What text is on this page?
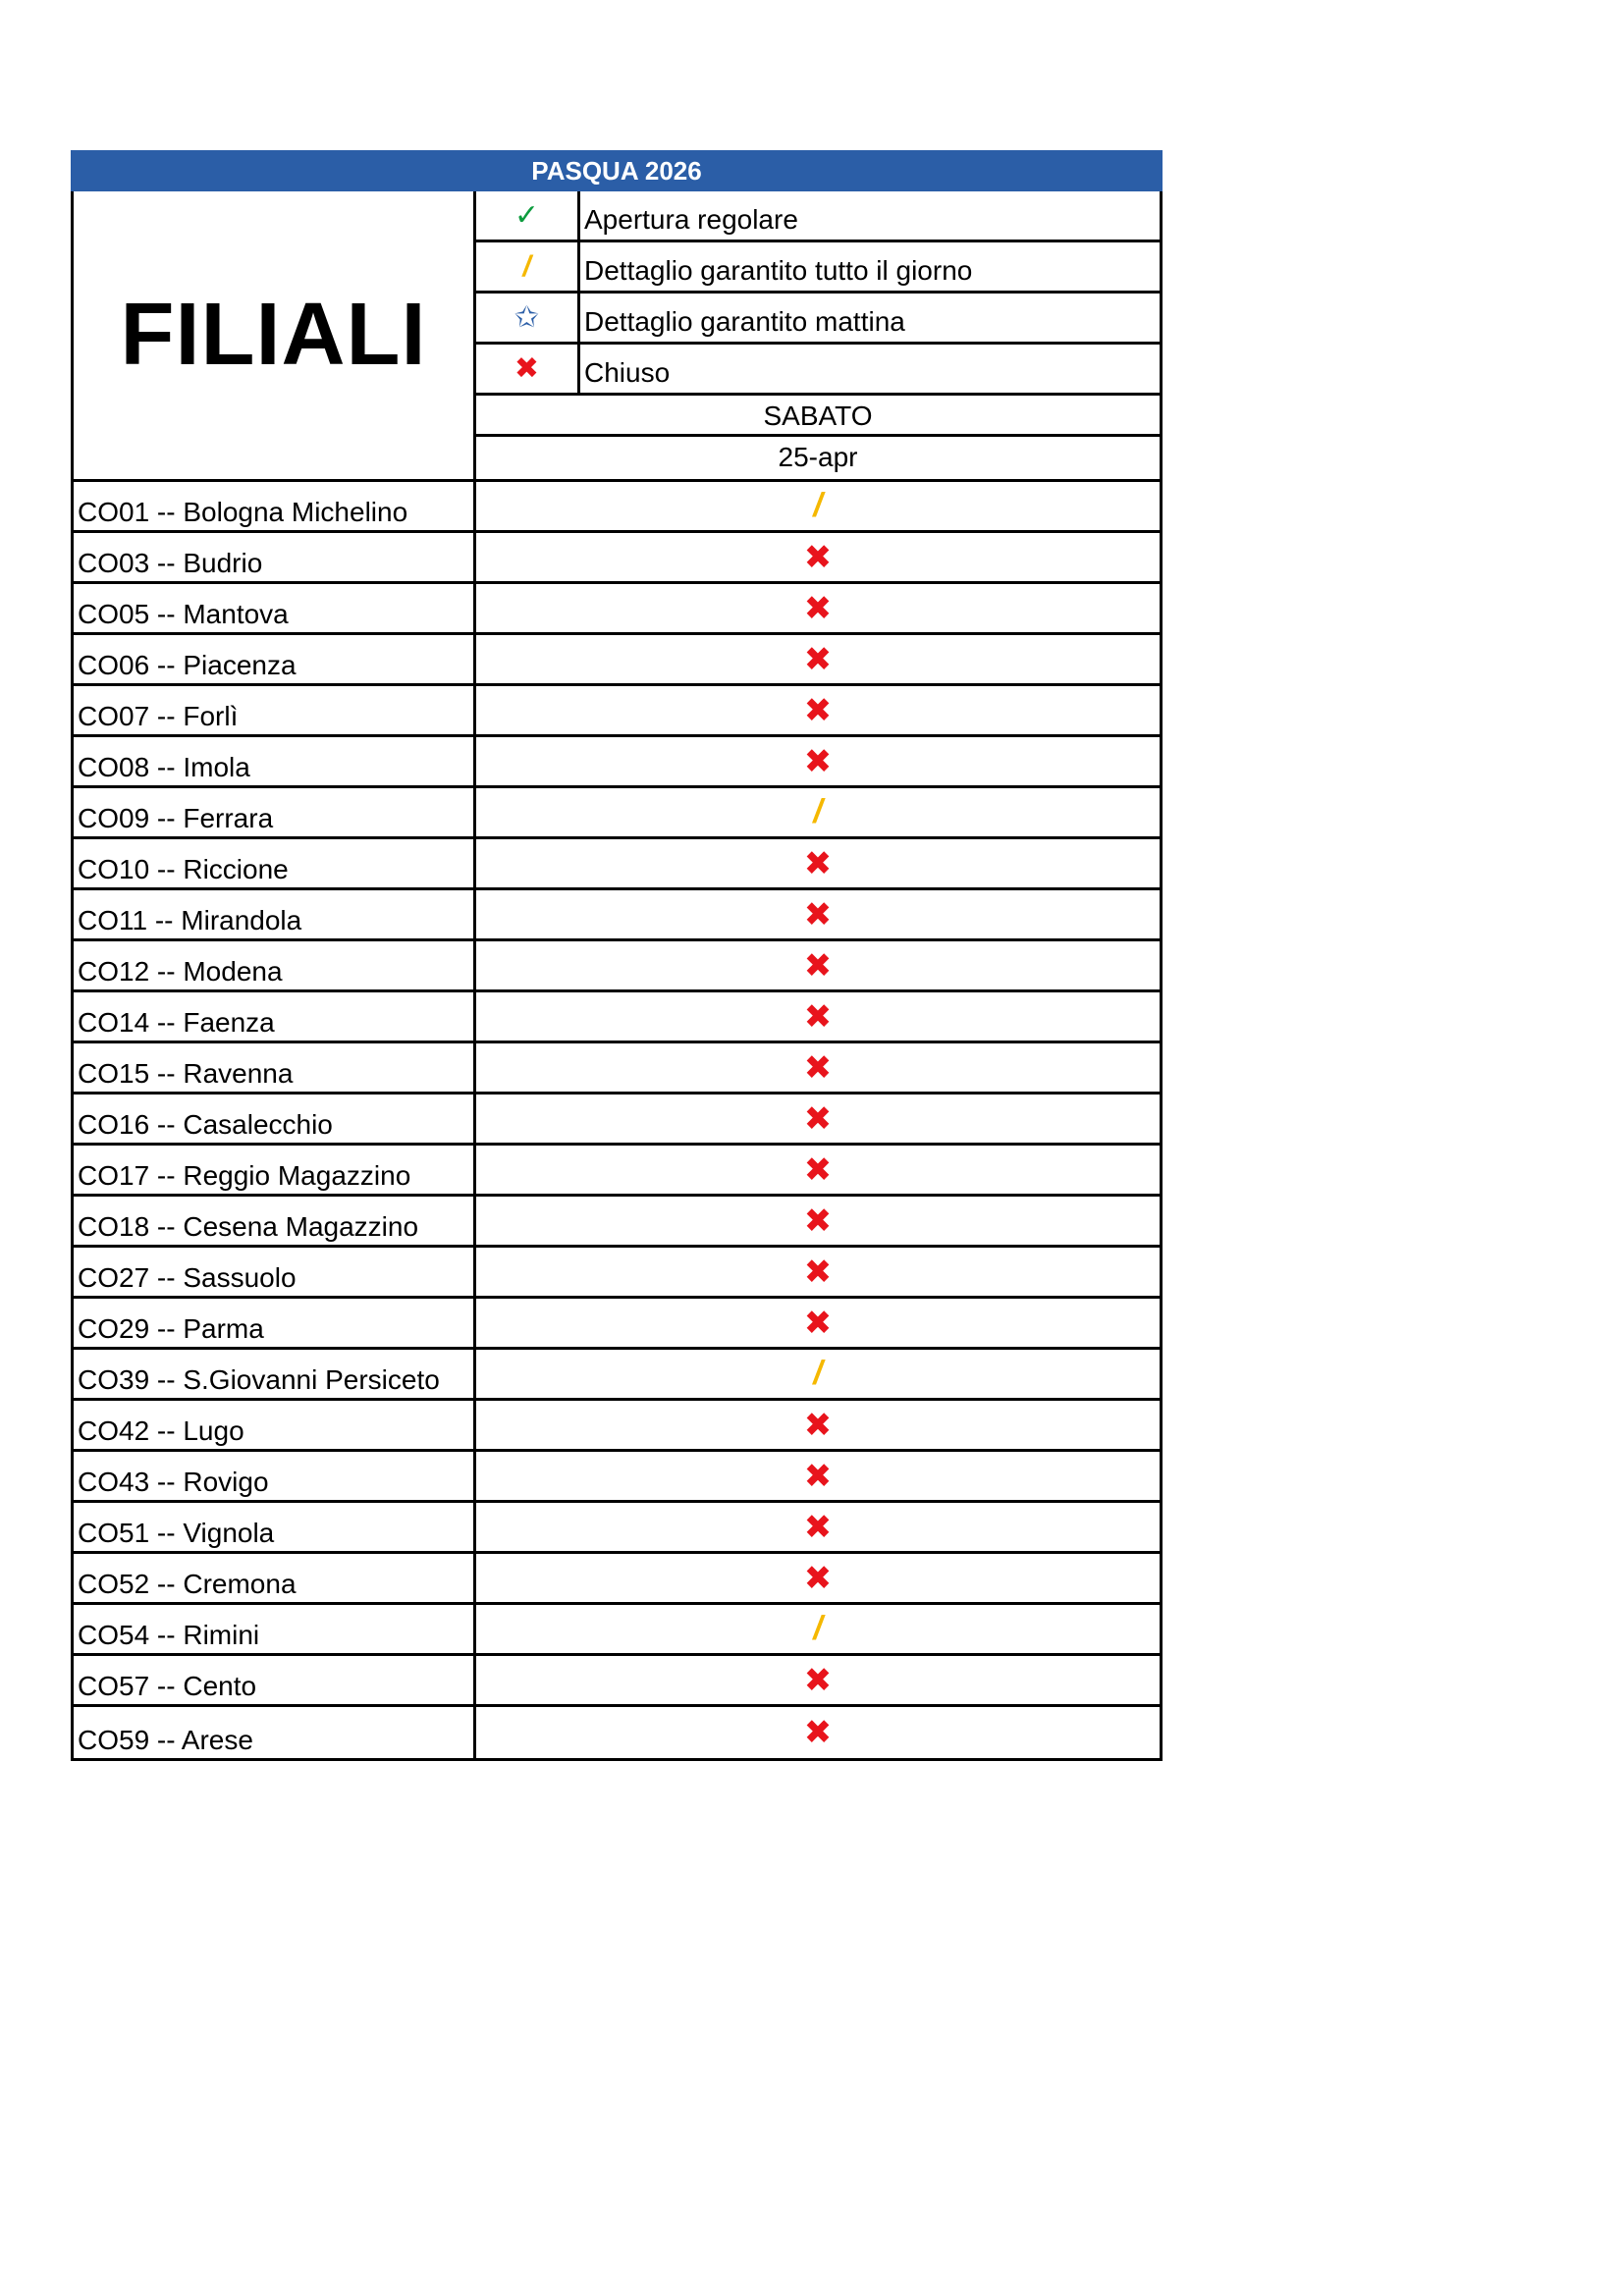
PASQUA 2026
FILIALI
✓	Apertura regolare
/	Dettaglio garantito tutto il giorno
✩	Dettaglio garantito mattina
✖	Chiuso
SABATO
25-apr
CO01 -- Bologna Michelino	/
CO03 -- Budrio	✖
CO05 -- Mantova	✖
CO06 -- Piacenza	✖
CO07 -- Forlì	✖
CO08 -- Imola	✖
CO09 -- Ferrara	/
CO10 -- Riccione	✖
CO11 -- Mirandola	✖
CO12 -- Modena	✖
CO14 -- Faenza	✖
CO15 -- Ravenna	✖
CO16 -- Casalecchio	✖
CO17 -- Reggio Magazzino	✖
CO18 -- Cesena Magazzino	✖
CO27 -- Sassuolo	✖
CO29 -- Parma	✖
CO39 -- S.Giovanni Persiceto	/
CO42 -- Lugo	✖
CO43 -- Rovigo	✖
CO51 -- Vignola	✖
CO52 -- Cremona	✖
CO54 -- Rimini	/
CO57 -- Cento	✖
CO59 -- Arese	✖
